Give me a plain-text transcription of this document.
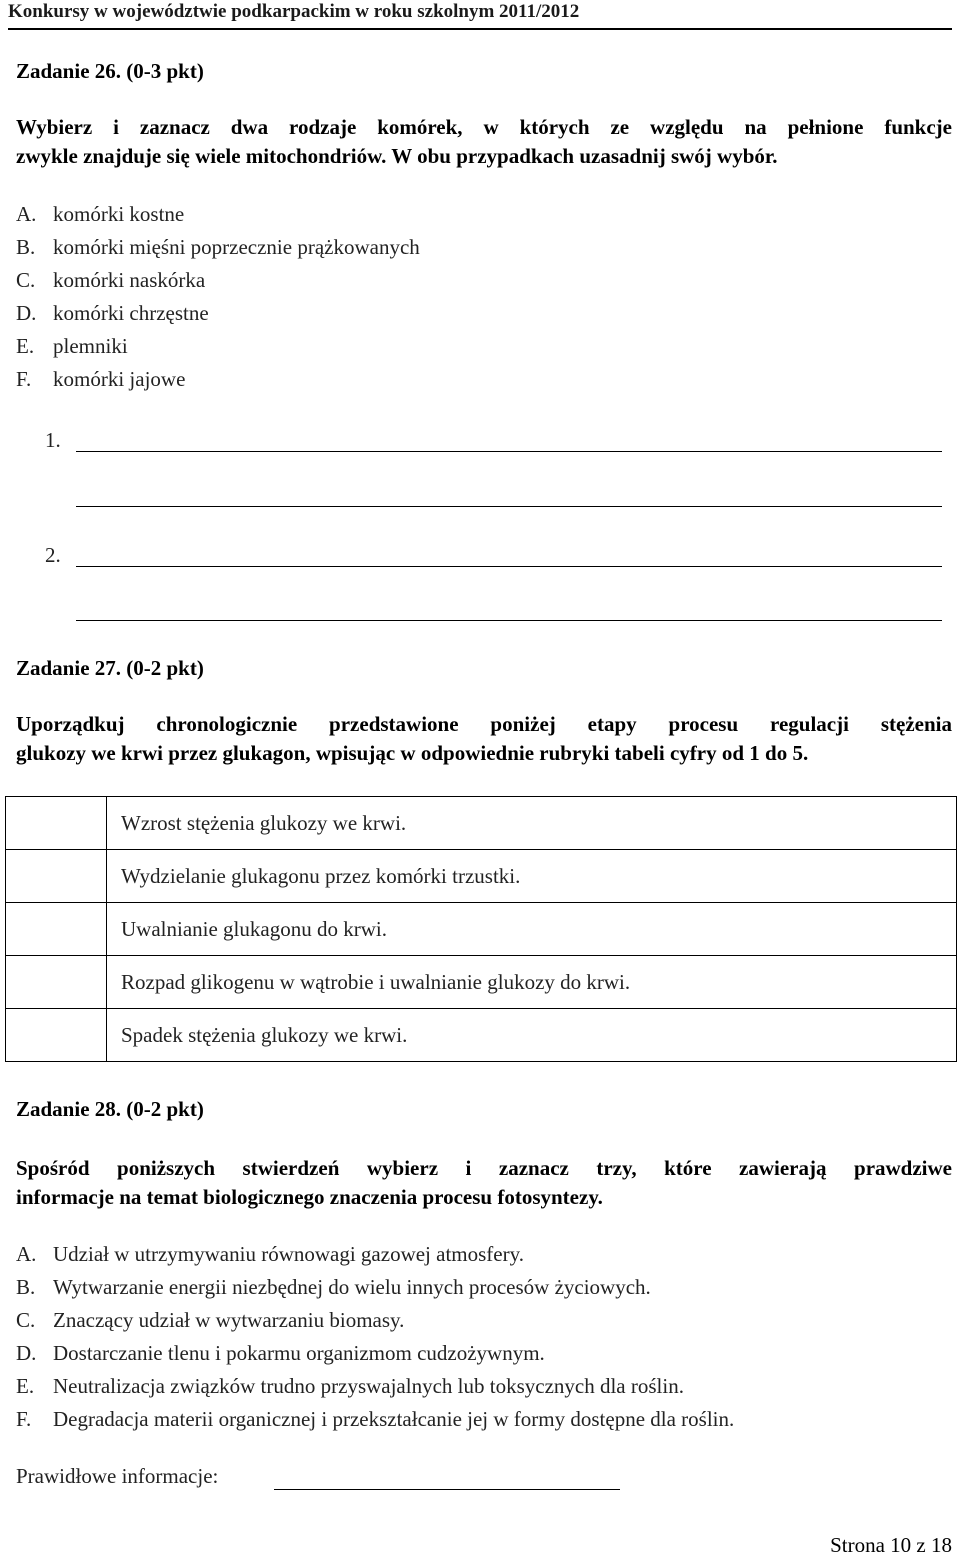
Konkursy w województwie podkarpackim w roku szkolnym 2011/2012
Zadanie 26. (0-3 pkt)
Wybierz i zaznacz dwa rodzaje komórek, w których ze względu na pełnione funkcje
zwykle znajduje się wiele mitochondriów. W obu przypadkach uzasadnij swój wybór.
A. komórki kostne
B. komórki mięśni poprzecznie prążkowanych
C. komórki naskórka
D. komórki chrzęstne
E. plemniki
F. komórki jajowe
1.
2.
Zadanie 27. (0-2 pkt)
Uporządkuj chronologicznie przedstawione poniżej etapy procesu regulacji stężenia
glukozy we krwi przez glukagon, wpisując w odpowiednie rubryki tabeli cyfry od 1 do 5.
	Wzrost stężenia glukozy we krwi.
	Wydzielanie glukagonu przez komórki trzustki.
	Uwalnianie glukagonu do krwi.
	Rozpad glikogenu w wątrobie i uwalnianie glukozy do krwi.
	Spadek stężenia glukozy we krwi.
Zadanie 28. (0-2 pkt)
Spośród poniższych stwierdzeń wybierz i zaznacz trzy, które zawierają prawdziwe
informacje na temat biologicznego znaczenia procesu fotosyntezy.
A. Udział w utrzymywaniu równowagi gazowej atmosfery.
B. Wytwarzanie energii niezbędnej do wielu innych procesów życiowych.
C. Znaczący udział w wytwarzaniu biomasy.
D. Dostarczanie tlenu i pokarmu organizmom cudzożywnym.
E. Neutralizacja związków trudno przyswajalnych lub toksycznych dla roślin.
F. Degradacja materii organicznej i przekształcanie jej w formy dostępne dla roślin.
Prawidłowe informacje:
Strona 10 z 18
